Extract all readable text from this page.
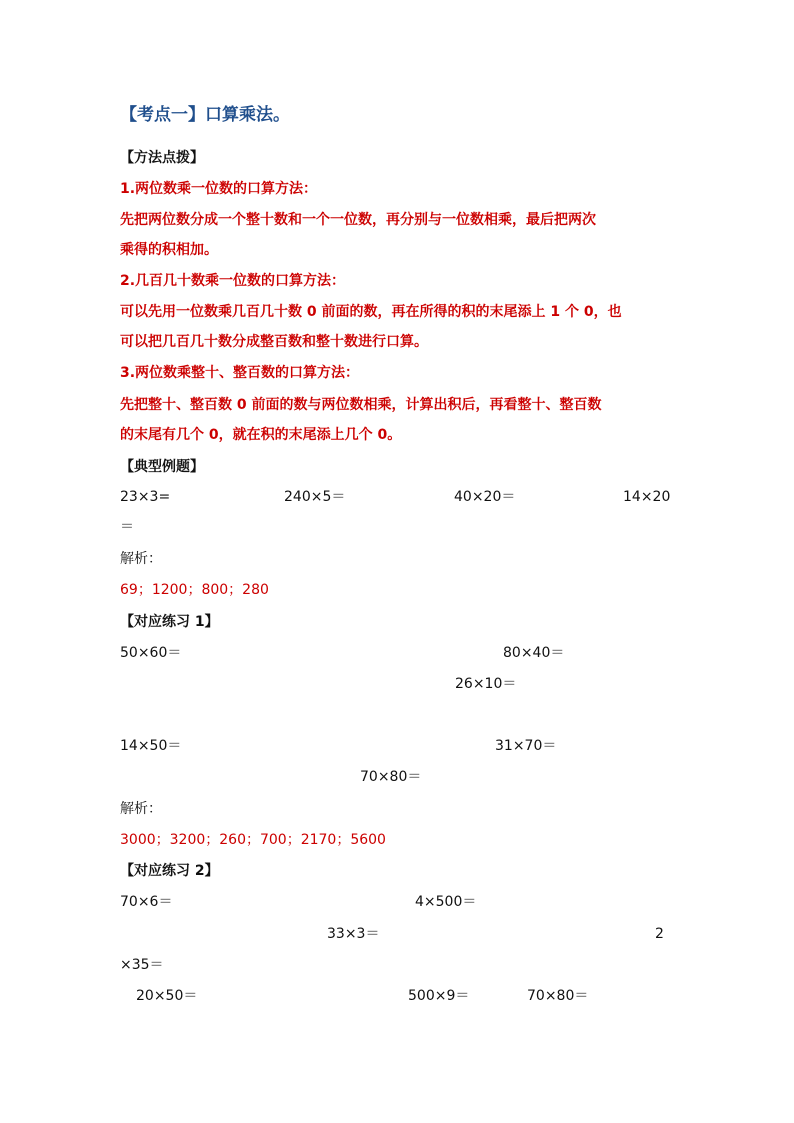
【考点一】口算乘法。
【方法点拨】
1.两位数乘一位数的口算方法：
先把两位数分成一个整十数和一个一位数，再分别与一位数相乘，最后把两次
乘得的积相加。
2.几百几十数乘一位数的口算方法：
可以先用一位数乘几百几十数 0 前面的数，再在所得的积的末尾添上 1 个 0，也
可以把几百几十数分成整百数和整十数进行口算。
3.两位数乘整十、整百数的口算方法：
先把整十、整百数 0 前面的数与两位数相乘，计算出积后，再看整十、整百数
的末尾有几个 0，就在积的末尾添上几个 0。
【典型例题】
23×3=	240×5＝	40×20＝	14×20
＝
解析：
69；1200；800；280
【对应练习 1】
50×60＝	80×40＝
26×10＝
14×50＝	31×70＝
70×80＝
解析：
3000；3200；260；700；2170；5600
【对应练习 2】
70×6＝	4×500＝
33×3＝	2
×35＝
20×50＝	500×9＝	70×80＝
